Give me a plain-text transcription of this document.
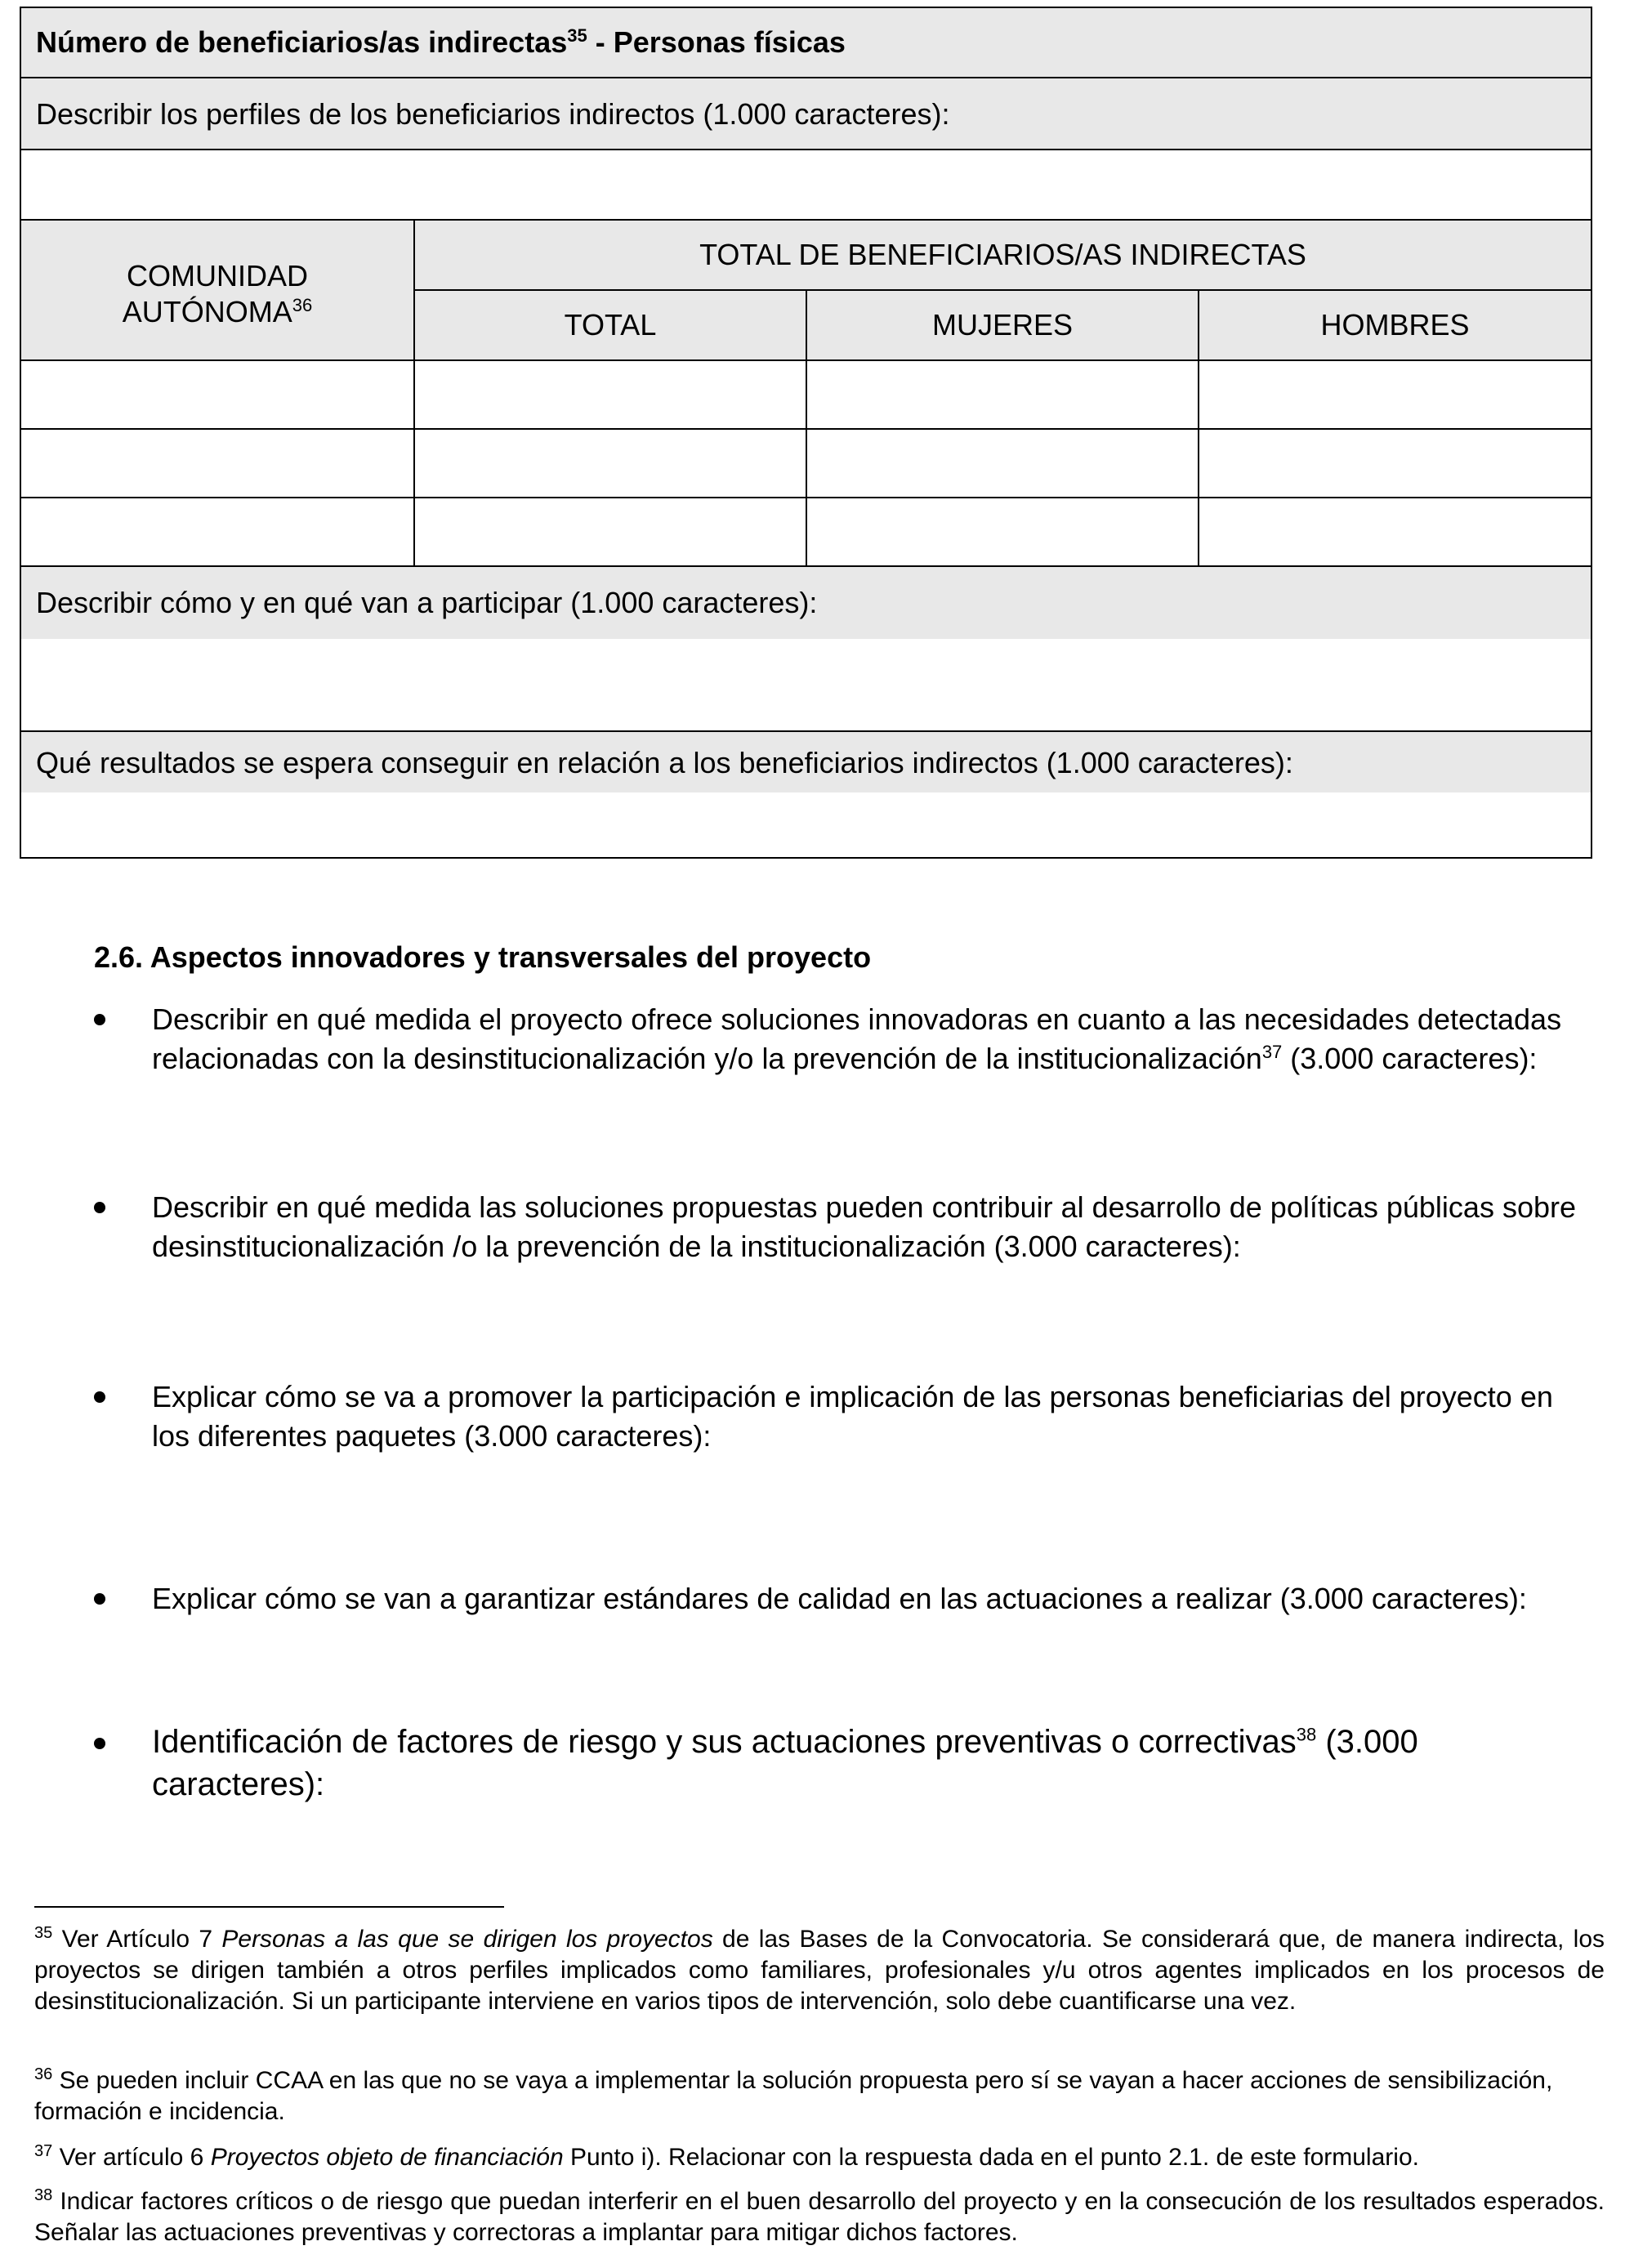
Número de beneficiarios/as indirectas$^{35}$ - Personas físicas
Describir los perfiles de los beneficiarios indirectos (1.000 caracteres):
TOTAL DE BENEFICIARIOS/AS INDIRECTAS
TOTAL	MUJERES	HOMBRES
COMUNIDAD AUTÓNOMA$^{36}$
Describir cómo y en qué van a participar (1.000 caracteres):
Qué resultados se espera conseguir en relación a los beneficiarios indirectos (1.000 caracteres):
2.6. Aspectos innovadores y transversales del proyecto
Describir en qué medida el proyecto ofrece soluciones innovadoras en cuanto a las necesidades detectadas relacionadas con la desinstitucionalización y/o la prevención de la institucionalización$^{37}$ (3.000 caracteres):
Describir en qué medida las soluciones propuestas pueden contribuir al desarrollo de políticas públicas sobre desinstitucionalización /o la prevención de la institucionalización (3.000 caracteres):
Explicar cómo se va a promover la participación e implicación de las personas beneficiarias del proyecto en los diferentes paquetes (3.000 caracteres):
Explicar cómo se van a garantizar estándares de calidad en las actuaciones a realizar (3.000 caracteres):
Identificación de factores de riesgo y sus actuaciones preventivas o correctivas$^{38}$ (3.000 caracteres):
$^{35}$ Ver Artículo 7 Personas a las que se dirigen los proyectos de las Bases de la Convocatoria. Se considerará que, de manera indirecta, los proyectos se dirigen también a otros perfiles implicados como familiares, profesionales y/u otros agentes implicados en los procesos de desinstitucionalización. Si un participante interviene en varios tipos de intervención, solo debe cuantificarse una vez.
$^{36}$ Se pueden incluir CCAA en las que no se vaya a implementar la solución propuesta pero sí se vayan a hacer acciones de sensibilización, formación e incidencia.
$^{37}$ Ver artículo 6 Proyectos objeto de financiación Punto i). Relacionar con la respuesta dada en el punto 2.1. de este formulario.
$^{38}$ Indicar factores críticos o de riesgo que puedan interferir en el buen desarrollo del proyecto y en la consecución de los resultados esperados. Señalar las actuaciones preventivas y correctoras a implantar para mitigar dichos factores.
